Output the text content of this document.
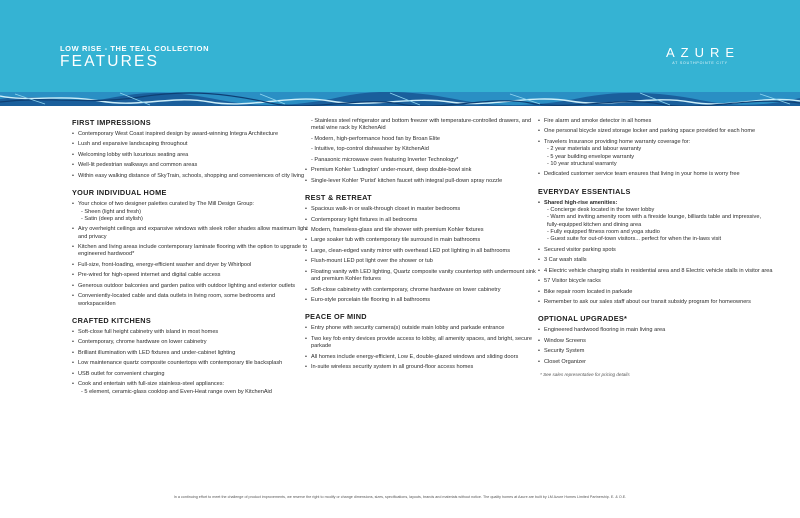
LOW RISE - THE TEAL COLLECTION
FEATURES
AZURE
AT SOUTHPOINTE CITY
FIRST IMPRESSIONS
• Contemporary West Coast inspired design by award-winning Integra Architecture
• Lush and expansive landscaping throughout
• Welcoming lobby with luxurious seating area
• Well-lit pedestrian walkways and common areas
• Within easy walking distance of SkyTrain, schools, shopping and conveniences of city living
YOUR INDIVIDUAL HOME
• Your choice of two designer palettes curated by The Mill Design Group:
- Sheen (light and fresh)
- Satin (deep and stylish)
• Airy overheight ceilings and expansive windows with sleek roller shades allow maximum light and privacy
• Kitchen and living areas include contemporary laminate flooring with the option to upgrade to engineered hardwood*
• Full-size, front-loading, energy-efficient washer and dryer by Whirlpool
• Pre-wired for high-speed internet and digital cable access
• Generous outdoor balconies and garden patios with outdoor lighting and exterior outlets
• Conveniently-located cable and data outlets in living room, some bedrooms and workspace/den
CRAFTED KITCHENS
• Soft-close full height cabinetry with island in most homes
• Contemporary, chrome hardware on lower cabinetry
• Brilliant illumination with LED fixtures and under-cabinet lighting
• Low maintenance quartz composite countertops with contemporary tile backsplash
• USB outlet for convenient charging
• Cook and entertain with full-size stainless-steel appliances:
- 5 element, ceramic-glass cooktop and Even-Heat range oven by KitchenAid
- Stainless steel refrigerator and bottom freezer with temperature-controlled drawers, and metal wine rack by KitchenAid
- Modern, high-performance hood fan by Broan Elite
- Intuitive, top-control dishwasher by KitchenAid
- Panasonic microwave oven featuring Inverter Technology*
• Premium Kohler 'Ludington' under-mount, deep double-bowl sink
• Single-lever Kohler 'Purist' kitchen faucet with integral pull-down spray nozzle
REST & RETREAT
• Spacious walk-in or walk-through closet in master bedrooms
• Contemporary light fixtures in all bedrooms
• Modern, frameless-glass and tile shower with premium Kohler fixtures
• Large soaker tub with contemporary tile surround in main bathrooms
• Large, clean-edged vanity mirror with overhead LED pot lighting in all bathrooms
• Flush-mount LED pot light over the shower or tub
• Floating vanity with LED lighting, Quartz composite vanity countertop with undermount sink and premium Kohler fixtures
• Soft-close cabinetry with contemporary, chrome hardware on lower cabinetry
• Euro-style porcelain tile flooring in all bathrooms
PEACE OF MIND
• Entry phone with security camera(s) outside main lobby and parkade entrance
• Two key fob entry devices provide access to lobby, all amenity spaces, and bright, secure parkade
• All homes include energy-efficient, Low E, double-glazed windows and sliding doors
• In-suite wireless security system in all ground-floor access homes
• Fire alarm and smoke detector in all homes
• One personal bicycle sized storage locker and parking space provided for each home
• Travelers Insurance providing home warranty coverage for:
- 2 year materials and labour warranty
- 5 year building envelope warranty
- 10 year structural warranty
• Dedicated customer service team ensures that living in your home is worry free
EVERYDAY ESSENTIALS
• Shared high-rise amenities:
- Concierge desk located in the tower lobby
- Warm and inviting amenity room with a fireside lounge, billiards table and impressive, fully-equipped kitchen and dining area
- Fully equipped fitness room and yoga studio
- Guest suite for out-of-town visitors... perfect for when the in-laws visit
• Secured visitor parking spots
• 3 Car wash stalls
• 4 Electric vehicle charging stalls in residential area and 8 Electric vehicle stalls in visitor area
• 57 Visitor bicycle racks
• Bike repair room located in parkade
• Remember to ask our sales staff about our transit subsidy program for homeowners
OPTIONAL UPGRADES*
• Engineered hardwood flooring in main living area
• Window Screens
• Security System
• Closet Organizer
* See sales representative for pricing details
In a continuing effort to meet the challenge of product improvements, we reserve the right to modify or change dimensions, sizes, specifications, layouts, brands and materials without notice. The quality homes at Azure are built by LM Azure Homes Limited Partnership. E. & O.E.
